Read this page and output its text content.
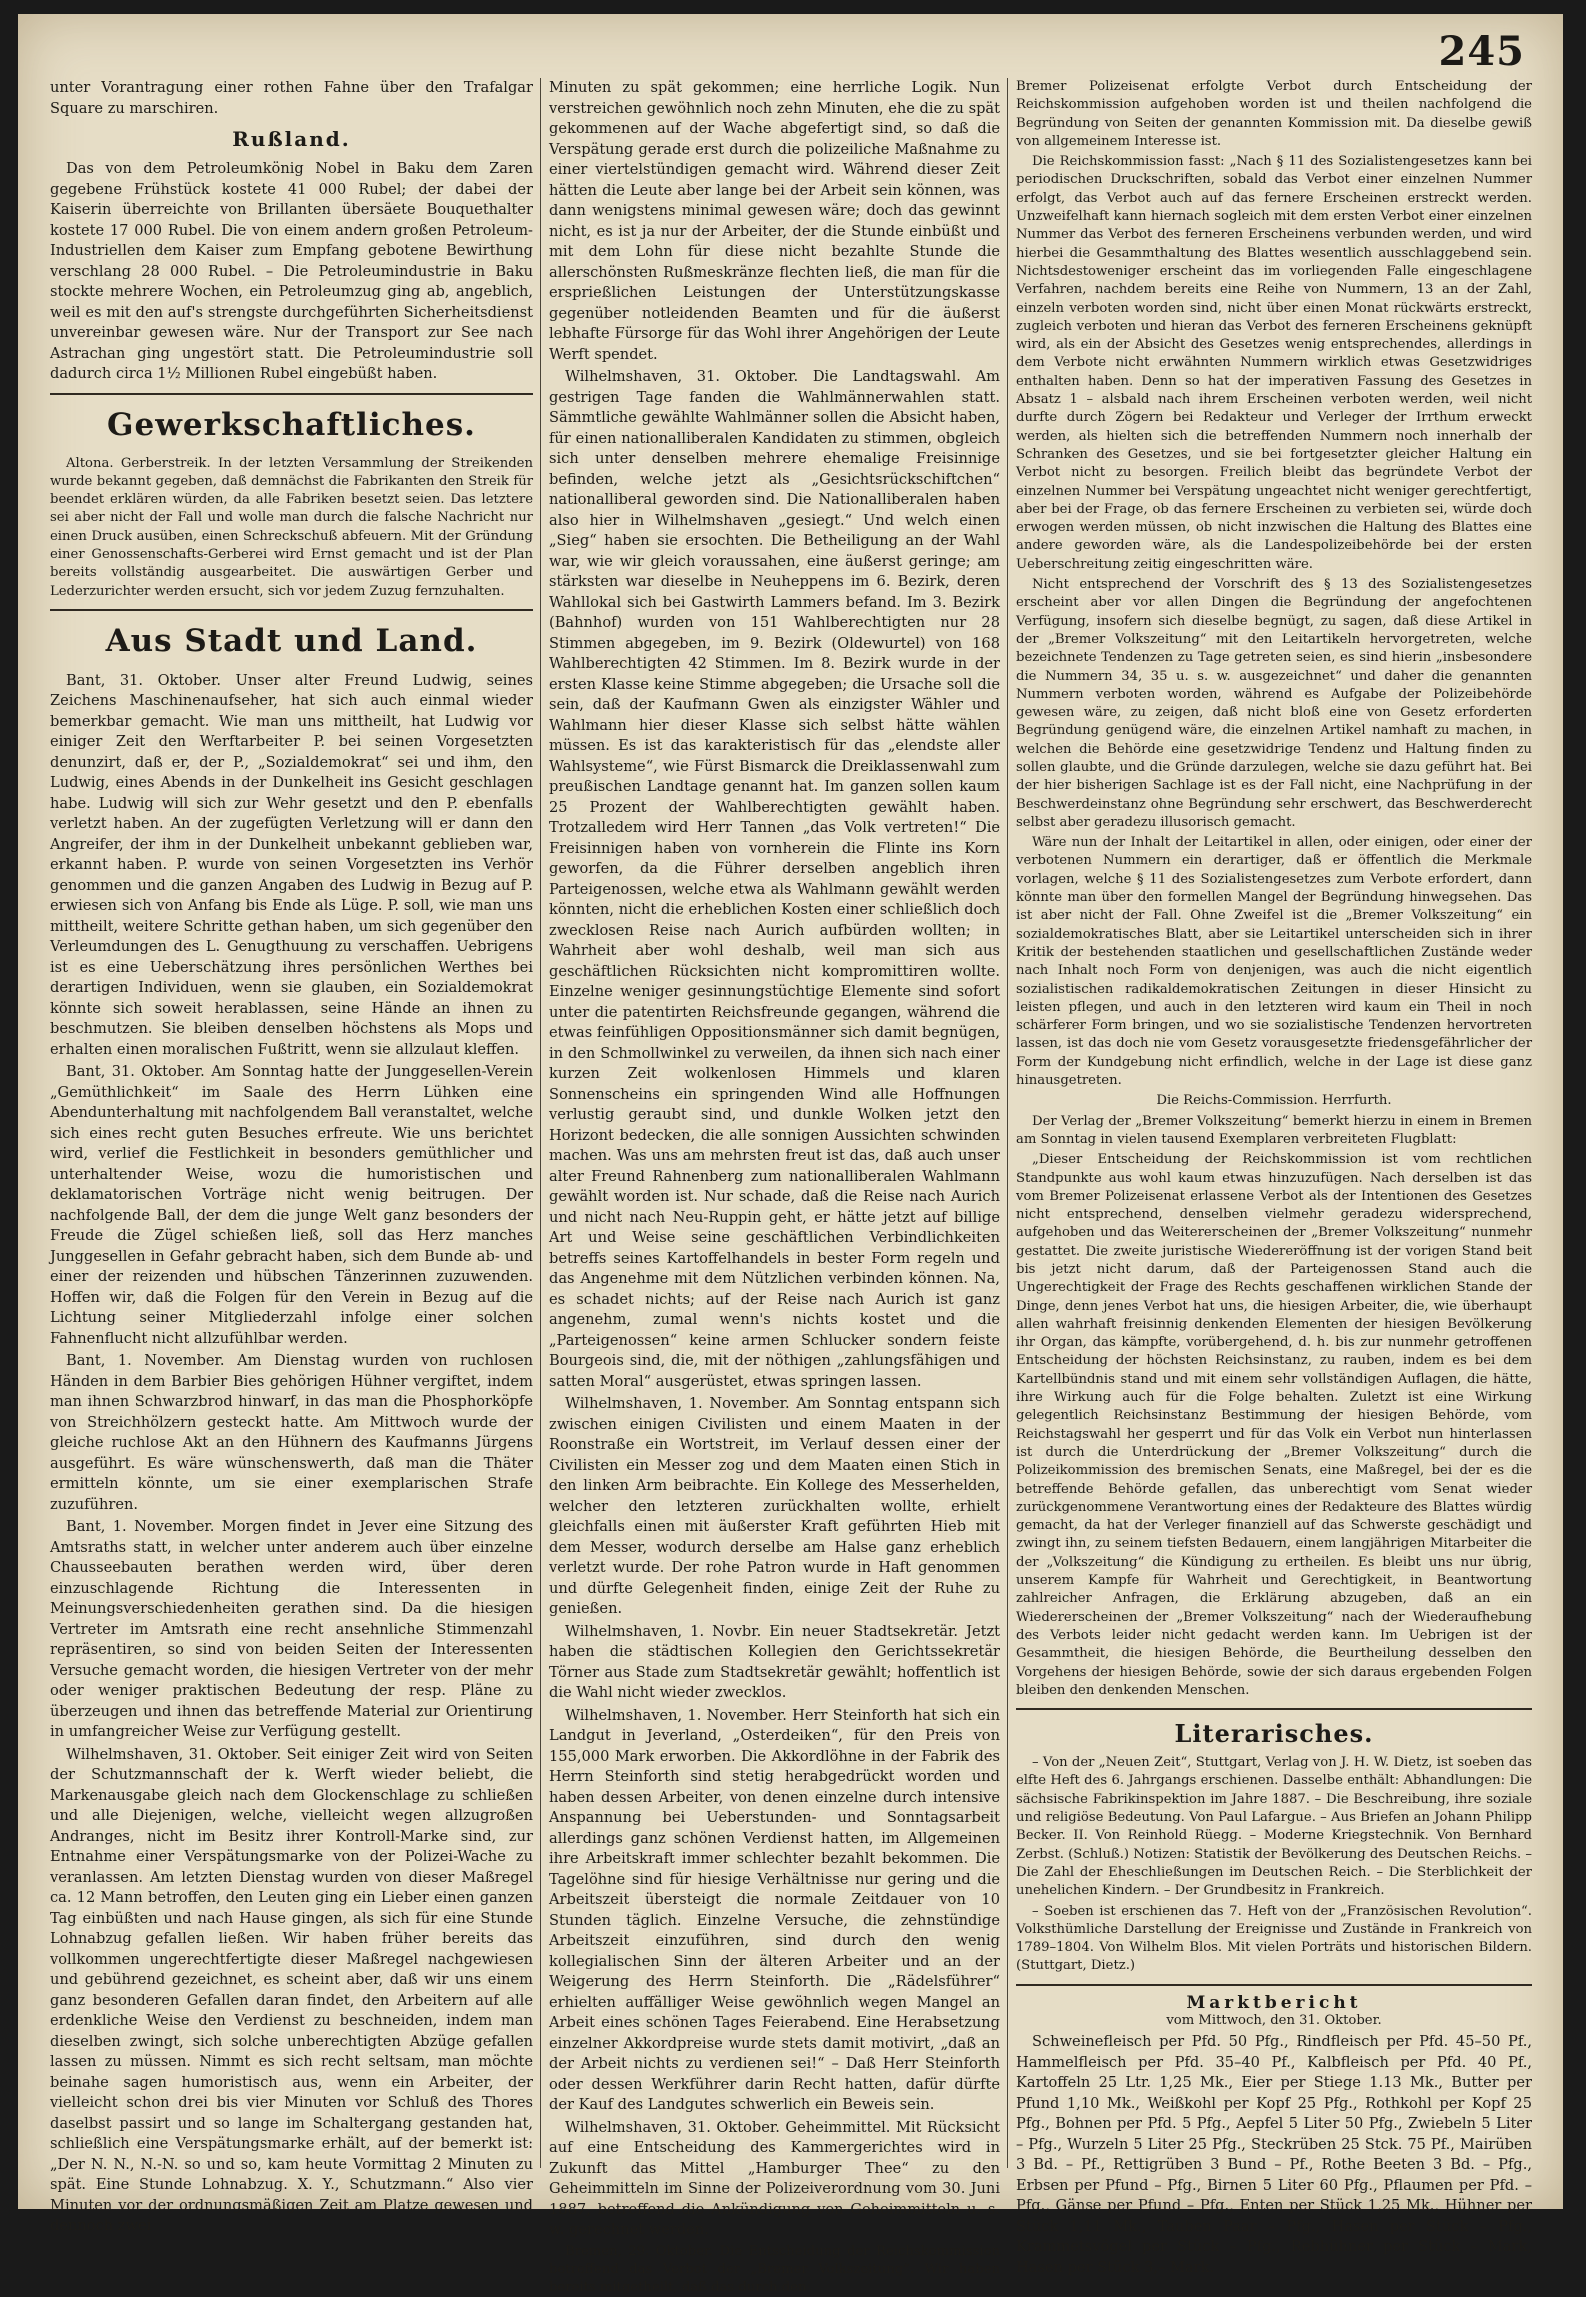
245

unter Vorantragung einer rothen Fahne über den Trafalgar Square zu marschiren.

Rußland.

Das von dem Petroleumkönig Nobel in Baku dem Zaren gegebene Frühstück kostete 41 000 Rubel; der dabei der Kaiserin überreichte von Brillanten übersäete Bouquethalter kostete 17 000 Rubel. Die von einem andern großen Petroleum-Industriellen dem Kaiser zum Empfang gebotene Bewirthung verschlang 28 000 Rubel. – Die Petroleumindustrie in Baku stockte mehrere Wochen, ein Petroleumzug ging ab, angeblich, weil es mit den auf's strengste durchgeführten Sicherheitsdienst unvereinbar gewesen wäre. Nur der Transport zur See nach Astrachan ging ungestört statt. Die Petroleumindustrie soll dadurch circa 1½ Millionen Rubel eingebüßt haben.

Gewerkschaftliches.

Altona. Gerberstreik. In der letzten Versammlung der Streikenden wurde bekannt gegeben, daß demnächst die Fabrikanten den Streik für beendet erklären würden, da alle Fabriken besetzt seien. Das letztere sei aber nicht der Fall und wolle man durch die falsche Nachricht nur einen Druck ausüben, einen Schreckschuß abfeuern. Mit der Gründung einer Genossenschafts-Gerberei wird Ernst gemacht und ist der Plan bereits vollständig ausgearbeitet. Die auswärtigen Gerber und Lederzurichter werden ersucht, sich vor jedem Zuzug fernzuhalten.

Aus Stadt und Land.

Bant, 31. Oktober. Unser alter Freund Ludwig, seines Zeichens Maschinenaufseher, hat sich auch einmal wieder bemerkbar gemacht. Wie man uns mittheilt, hat Ludwig vor einiger Zeit den Werftarbeiter P. bei seinen Vorgesetzten denunzirt, daß er, der P., „Sozialdemokrat“ sei und ihm, den Ludwig, eines Abends in der Dunkelheit ins Gesicht geschlagen habe. Ludwig will sich zur Wehr gesetzt und den P. ebenfalls verletzt haben. An der zugefügten Verletzung will er dann den Angreifer, der ihm in der Dunkelheit unbekannt geblieben war, erkannt haben. P. wurde von seinen Vorgesetzten ins Verhör genommen und die ganzen Angaben des Ludwig in Bezug auf P. erwiesen sich von Anfang bis Ende als Lüge. P. soll, wie man uns mittheilt, weitere Schritte gethan haben, um sich gegenüber den Verleumdungen des L. Genugthuung zu verschaffen. Uebrigens ist es eine Ueberschätzung ihres persönlichen Werthes bei derartigen Individuen, wenn sie glauben, ein Sozialdemokrat könnte sich soweit herablassen, seine Hände an ihnen zu beschmutzen. Sie bleiben denselben höchstens als Mops und erhalten einen moralischen Fußtritt, wenn sie allzulaut kleffen.

Bant, 31. Oktober. Am Sonntag hatte der Junggesellen-Verein „Gemüthlichkeit“ im Saale des Herrn Lühken eine Abendunterhaltung mit nachfolgendem Ball veranstaltet, welche sich eines recht guten Besuches erfreute. Wie uns berichtet wird, verlief die Festlichkeit in besonders gemüthlicher und unterhaltender Weise, wozu die humoristischen und deklamatorischen Vorträge nicht wenig beitrugen. Der nachfolgende Ball, der dem die junge Welt ganz besonders der Freude die Zügel schießen ließ, soll das Herz manches Junggesellen in Gefahr gebracht haben, sich dem Bunde ab- und einer der reizenden und hübschen Tänzerinnen zuzuwenden. Hoffen wir, daß die Folgen für den Verein in Bezug auf die Lichtung seiner Mitgliederzahl infolge einer solchen Fahnenflucht nicht allzufühlbar werden.

Bant, 1. November. Am Dienstag wurden von ruchlosen Händen in dem Barbier Bies gehörigen Hühner vergiftet, indem man ihnen Schwarzbrod hinwarf, in das man die Phosphorköpfe von Streichhölzern gesteckt hatte. Am Mittwoch wurde der gleiche ruchlose Akt an den Hühnern des Kaufmanns Jürgens ausgeführt. Es wäre wünschenswerth, daß man die Thäter ermitteln könnte, um sie einer exemplarischen Strafe zuzuführen.

Bant, 1. November. Morgen findet in Jever eine Sitzung des Amtsraths statt, in welcher unter anderem auch über einzelne Chausseebauten berathen werden wird, über deren einzuschlagende Richtung die Interessenten in Meinungsverschiedenheiten gerathen sind. Da die hiesigen Vertreter im Amtsrath eine recht ansehnliche Stimmenzahl repräsentiren, so sind von beiden Seiten der Interessenten Versuche gemacht worden, die hiesigen Vertreter von der mehr oder weniger praktischen Bedeutung der resp. Pläne zu überzeugen und ihnen das betreffende Material zur Orientirung in umfangreicher Weise zur Verfügung gestellt.

Wilhelmshaven, 31. Oktober. Seit einiger Zeit wird von Seiten der Schutzmannschaft der k. Werft wieder beliebt, die Markenausgabe gleich nach dem Glockenschlage zu schließen und alle Diejenigen, welche, vielleicht wegen allzugroßen Andranges, nicht im Besitz ihrer Kontroll-Marke sind, zur Entnahme einer Verspätungsmarke von der Polizei-Wache zu veranlassen. Am letzten Dienstag wurden von dieser Maßregel ca. 12 Mann betroffen, den Leuten ging ein Lieber einen ganzen Tag einbüßten und nach Hause gingen, als sich für eine Stunde Lohnabzug gefallen ließen. Wir haben früher bereits das vollkommen ungerechtfertigte dieser Maßregel nachgewiesen und gebührend gezeichnet, es scheint aber, daß wir uns einem ganz besonderen Gefallen daran findet, den Arbeitern auf alle erdenkliche Weise den Verdienst zu beschneiden, indem man dieselben zwingt, sich solche unberechtigten Abzüge gefallen lassen zu müssen. Nimmt es sich recht seltsam, man möchte beinahe sagen humoristisch aus, wenn ein Arbeiter, der vielleicht schon drei bis vier Minuten vor Schluß des Thores daselbst passirt und so lange im Schaltergang gestanden hat, schließlich eine Verspätungsmarke erhält, auf der bemerkt ist: „Der N. N., N.-N. so und so, kam heute Vormittag 2 Minuten zu spät. Eine Stunde Lohnabzug. X. Y., Schutzmann.“ Also vier Minuten vor der ordnungsmäßigen Zeit am Platze gewesen und dennoch zwei

Minuten zu spät gekommen; eine herrliche Logik. Nun verstreichen gewöhnlich noch zehn Minuten, ehe die zu spät gekommenen auf der Wache abgefertigt sind, so daß die Verspätung gerade erst durch die polizeiliche Maßnahme zu einer viertelstündigen gemacht wird. Während dieser Zeit hätten die Leute aber lange bei der Arbeit sein können, was dann wenigstens minimal gewesen wäre; doch das gewinnt nicht, es ist ja nur der Arbeiter, der die Stunde einbüßt und mit dem Lohn für diese nicht bezahlte Stunde die allerschönsten Rußmeskränze flechten ließ, die man für die ersprießlichen Leistungen der Unterstützungskasse gegenüber notleidenden Beamten und für die äußerst lebhafte Fürsorge für das Wohl ihrer Angehörigen der Leute Werft spendet.

Wilhelmshaven, 31. Oktober. Die Landtagswahl. Am gestrigen Tage fanden die Wahlmännerwahlen statt. Sämmtliche gewählte Wahlmänner sollen die Absicht haben, für einen nationalliberalen Kandidaten zu stimmen, obgleich sich unter denselben mehrere ehemalige Freisinnige befinden, welche jetzt als „Gesichtsrückschiftchen“ nationalliberal geworden sind. Die Nationalliberalen haben also hier in Wilhelmshaven „gesiegt.“ Und welch einen „Sieg“ haben sie ersochten. Die Betheiligung an der Wahl war, wie wir gleich voraussahen, eine äußerst geringe; am stärksten war dieselbe in Neuheppens im 6. Bezirk, deren Wahllokal sich bei Gastwirth Lammers befand. Im 3. Bezirk (Bahnhof) wurden von 151 Wahlberechtigten nur 28 Stimmen abgegeben, im 9. Bezirk (Oldewurtel) von 168 Wahlberechtigten 42 Stimmen. Im 8. Bezirk wurde in der ersten Klasse keine Stimme abgegeben; die Ursache soll die sein, daß der Kaufmann Gwen als einzigster Wähler und Wahlmann hier dieser Klasse sich selbst hätte wählen müssen. Es ist das karakteristisch für das „elendste aller Wahlsysteme“, wie Fürst Bismarck die Dreiklassenwahl zum preußischen Landtage genannt hat. Im ganzen sollen kaum 25 Prozent der Wahlberechtigten gewählt haben. Trotzalledem wird Herr Tannen „das Volk vertreten!“ Die Freisinnigen haben von vornherein die Flinte ins Korn geworfen, da die Führer derselben angeblich ihren Parteigenossen, welche etwa als Wahlmann gewählt werden könnten, nicht die erheblichen Kosten einer schließlich doch zwecklosen Reise nach Aurich aufbürden wollten; in Wahrheit aber wohl deshalb, weil man sich aus geschäftlichen Rücksichten nicht kompromittiren wollte. Einzelne weniger gesinnungstüchtige Elemente sind sofort unter die patentirten Reichsfreunde gegangen, während die etwas feinfühligen Oppositionsmänner sich damit begnügen, in den Schmollwinkel zu verweilen, da ihnen sich nach einer kurzen Zeit wolkenlosen Himmels und klaren Sonnenscheins ein springenden Wind alle Hoffnungen verlustig geraubt sind, und dunkle Wolken jetzt den Horizont bedecken, die alle sonnigen Aussichten schwinden machen. Was uns am mehrsten freut ist das, daß auch unser alter Freund Rahnenberg zum nationalliberalen Wahlmann gewählt worden ist. Nur schade, daß die Reise nach Aurich und nicht nach Neu-Ruppin geht, er hätte jetzt auf billige Art und Weise seine geschäftlichen Verbindlichkeiten betreffs seines Kartoffelhandels in bester Form regeln und das Angenehme mit dem Nützlichen verbinden können. Na, es schadet nichts; auf der Reise nach Aurich ist ganz angenehm, zumal wenn's nichts kostet und die „Parteigenossen“ keine armen Schlucker sondern feiste Bourgeois sind, die, mit der nöthigen „zahlungsfähigen und satten Moral“ ausgerüstet, etwas springen lassen.

Wilhelmshaven, 1. November. Am Sonntag entspann sich zwischen einigen Civilisten und einem Maaten in der Roonstraße ein Wortstreit, im Verlauf dessen einer der Civilisten ein Messer zog und dem Maaten einen Stich in den linken Arm beibrachte. Ein Kollege des Messerhelden, welcher den letzteren zurückhalten wollte, erhielt gleichfalls einen mit äußerster Kraft geführten Hieb mit dem Messer, wodurch derselbe am Halse ganz erheblich verletzt wurde. Der rohe Patron wurde in Haft genommen und dürfte Gelegenheit finden, einige Zeit der Ruhe zu genießen.

Wilhelmshaven, 1. Novbr. Ein neuer Stadtsekretär. Jetzt haben die städtischen Kollegien den Gerichtssekretär Törner aus Stade zum Stadtsekretär gewählt; hoffentlich ist die Wahl nicht wieder zwecklos.

Wilhelmshaven, 1. November. Herr Steinforth hat sich ein Landgut in Jeverland, „Osterdeiken“, für den Preis von 155,000 Mark erworben. Die Akkordlöhne in der Fabrik des Herrn Steinforth sind stetig herabgedrückt worden und haben dessen Arbeiter, von denen einzelne durch intensive Anspannung bei Ueberstunden- und Sonntagsarbeit allerdings ganz schönen Verdienst hatten, im Allgemeinen ihre Arbeitskraft immer schlechter bezahlt bekommen. Die Tagelöhne sind für hiesige Verhältnisse nur gering und die Arbeitszeit übersteigt die normale Zeitdauer von 10 Stunden täglich. Einzelne Versuche, die zehnstündige Arbeitszeit einzuführen, sind durch den wenig kollegialischen Sinn der älteren Arbeiter und an der Weigerung des Herrn Steinforth. Die „Rädelsführer“ erhielten auffälliger Weise gewöhnlich wegen Mangel an Arbeit eines schönen Tages Feierabend. Eine Herabsetzung einzelner Akkordpreise wurde stets damit motivirt, „daß an der Arbeit nichts zu verdienen sei!“ – Daß Herr Steinforth oder dessen Werkführer darin Recht hatten, dafür dürfte der Kauf des Landgutes schwerlich ein Beweis sein.

Wilhelmshaven, 31. Oktober. Geheimmittel. Mit Rücksicht auf eine Entscheidung des Kammergerichtes wird in Zukunft das Mittel „Hamburger Thee“ zu den Geheimmitteln im Sinne der Polizeiverordnung vom 30. Juni 1887, betreffend die Ankündigung von Geheimmitteln u. s. w. gerechnet werden.

Bremen, 29. Oktober. Die Entscheidung der Reichskommission betreffend das Verbot der „Bremer Volkszeitung“. Wir haben bereits mitgetheilt, daß das durch den

Bremer Polizeisenat erfolgte Verbot durch Entscheidung der Reichskommission aufgehoben worden ist und theilen nachfolgend die Begründung von Seiten der genannten Kommission mit. Da dieselbe gewiß von allgemeinem Interesse ist.

Die Reichskommission fasst: „Nach § 11 des Sozialistengesetzes kann bei periodischen Druckschriften, sobald das Verbot einer einzelnen Nummer erfolgt, das Verbot auch auf das fernere Erscheinen erstreckt werden. Unzweifelhaft kann hiernach sogleich mit dem ersten Verbot einer einzelnen Nummer das Verbot des ferneren Erscheinens verbunden werden, und wird hierbei die Gesammthaltung des Blattes wesentlich ausschlaggebend sein. Nichtsdestoweniger erscheint das im vorliegenden Falle eingeschlagene Verfahren, nachdem bereits eine Reihe von Nummern, 13 an der Zahl, einzeln verboten worden sind, nicht über einen Monat rückwärts erstreckt, zugleich verboten und hieran das Verbot des ferneren Erscheinens geknüpft wird, als ein der Absicht des Gesetzes wenig entsprechendes, allerdings in dem Verbote nicht erwähnten Nummern wirklich etwas Gesetzwidriges enthalten haben. Denn so hat der imperativen Fassung des Gesetzes in Absatz 1 – alsbald nach ihrem Erscheinen verboten werden, weil nicht durfte durch Zögern bei Redakteur und Verleger der Irrthum erweckt werden, als hielten sich die betreffenden Nummern noch innerhalb der Schranken des Gesetzes, und sie bei fortgesetzter gleicher Haltung ein Verbot nicht zu besorgen. Freilich bleibt das begründete Verbot der einzelnen Nummer bei Verspätung ungeachtet nicht weniger gerechtfertigt, aber bei der Frage, ob das fernere Erscheinen zu verbieten sei, würde doch erwogen werden müssen, ob nicht inzwischen die Haltung des Blattes eine andere geworden wäre, als die Landespolizeibehörde bei der ersten Ueberschreitung zeitig eingeschritten wäre.

Nicht entsprechend der Vorschrift des § 13 des Sozialistengesetzes erscheint aber vor allen Dingen die Begründung der angefochtenen Verfügung, insofern sich dieselbe begnügt, zu sagen, daß diese Artikel in der „Bremer Volkszeitung“ mit den Leitartikeln hervorgetreten, welche bezeichnete Tendenzen zu Tage getreten seien, es sind hierin „insbesondere die Nummern 34, 35 u. s. w. ausgezeichnet“ und daher die genannten Nummern verboten worden, während es Aufgabe der Polizeibehörde gewesen wäre, zu zeigen, daß nicht bloß eine von Gesetz erforderten Begründung genügend wäre, die einzelnen Artikel namhaft zu machen, in welchen die Behörde eine gesetzwidrige Tendenz und Haltung finden zu sollen glaubte, und die Gründe darzulegen, welche sie dazu geführt hat. Bei der hier bisherigen Sachlage ist es der Fall nicht, eine Nachprüfung in der Beschwerdeinstanz ohne Begründung sehr erschwert, das Beschwerderecht selbst aber geradezu illusorisch gemacht.

Wäre nun der Inhalt der Leitartikel in allen, oder einigen, oder einer der verbotenen Nummern ein derartiger, daß er öffentlich die Merkmale vorlagen, welche § 11 des Sozialistengesetzes zum Verbote erfordert, dann könnte man über den formellen Mangel der Begründung hinwegsehen. Das ist aber nicht der Fall. Ohne Zweifel ist die „Bremer Volkszeitung“ ein sozialdemokratisches Blatt, aber sie Leitartikel unterscheiden sich in ihrer Kritik der bestehenden staatlichen und gesellschaftlichen Zustände weder nach Inhalt noch Form von denjenigen, was auch die nicht eigentlich sozialistischen radikaldemokratischen Zeitungen in dieser Hinsicht zu leisten pflegen, und auch in den letzteren wird kaum ein Theil in noch schärferer Form bringen, und wo sie sozialistische Tendenzen hervortreten lassen, ist das doch nie vom Gesetz vorausgesetzte friedensgefährlicher der Form der Kundgebung nicht erfindlich, welche in der Lage ist diese ganz hinausgetreten.

Die Reichs-Commission. Herrfurth.

Der Verlag der „Bremer Volkszeitung“ bemerkt hierzu in einem in Bremen am Sonntag in vielen tausend Exemplaren verbreiteten Flugblatt:

„Dieser Entscheidung der Reichskommission ist vom rechtlichen Standpunkte aus wohl kaum etwas hinzuzufügen. Nach derselben ist das vom Bremer Polizeisenat erlassene Verbot als der Intentionen des Gesetzes nicht entsprechend, denselben vielmehr geradezu widersprechend, aufgehoben und das Weitererscheinen der „Bremer Volkszeitung“ nunmehr gestattet. Die zweite juristische Wiedereröffnung ist der vorigen Stand beit bis jetzt nicht darum, daß der Parteigenossen Stand auch die Ungerechtigkeit der Frage des Rechts geschaffenen wirklichen Stande der Dinge, denn jenes Verbot hat uns, die hiesigen Arbeiter, die, wie überhaupt allen wahrhaft freisinnig denkenden Elementen der hiesigen Bevölkerung ihr Organ, das kämpfte, vorübergehend, d. h. bis zur nunmehr getroffenen Entscheidung der höchsten Reichsinstanz, zu rauben, indem es bei dem Kartellbündnis stand und mit einem sehr vollständigen Auflagen, die hätte, ihre Wirkung auch für die Folge behalten. Zuletzt ist eine Wirkung gelegentlich Reichsinstanz Bestimmung der hiesigen Behörde, vom Reichstagswahl her gesperrt und für das Volk ein Verbot nun hinterlassen ist durch die Unterdrückung der „Bremer Volkszeitung“ durch die Polizeikommission des bremischen Senats, eine Maßregel, bei der es die betreffende Behörde gefallen, das unberechtigt vom Senat wieder zurückgenommene Verantwortung eines der Redakteure des Blattes würdig gemacht, da hat der Verleger finanziell auf das Schwerste geschädigt und zwingt ihn, zu seinem tiefsten Bedauern, einem langjährigen Mitarbeiter die der „Volkszeitung“ die Kündigung zu ertheilen. Es bleibt uns nur übrig, unserem Kampfe für Wahrheit und Gerechtigkeit, in Beantwortung zahlreicher Anfragen, die Erklärung abzugeben, daß an ein Wiedererscheinen der „Bremer Volkszeitung“ nach der Wiederaufhebung des Verbots leider nicht gedacht werden kann. Im Uebrigen ist der Gesammtheit, die hiesigen Behörde, die Beurtheilung desselben den Vorgehens der hiesigen Behörde, sowie der sich daraus ergebenden Folgen bleiben den denkenden Menschen.

Literarisches.

– Von der „Neuen Zeit“, Stuttgart, Verlag von J. H. W. Dietz, ist soeben das elfte Heft des 6. Jahrgangs erschienen. Dasselbe enthält: Abhandlungen: Die sächsische Fabrikinspektion im Jahre 1887. – Die Beschreibung, ihre soziale und religiöse Bedeutung. Von Paul Lafargue. – Aus Briefen an Johann Philipp Becker. II. Von Reinhold Rüegg. – Moderne Kriegstechnik. Von Bernhard Zerbst. (Schluß.) Notizen: Statistik der Bevölkerung des Deutschen Reichs. – Die Zahl der Eheschließungen im Deutschen Reich. – Die Sterblichkeit der unehelichen Kindern. – Der Grundbesitz in Frankreich.

– Soeben ist erschienen das 7. Heft von der „Französischen Revolution“. Volksthümliche Darstellung der Ereignisse und Zustände in Frankreich von 1789–1804. Von Wilhelm Blos. Mit vielen Porträts und historischen Bildern. (Stuttgart, Dietz.)

Marktbericht

vom Mittwoch, den 31. Oktober.

Schweinefleisch per Pfd. 50 Pfg., Rindfleisch per Pfd. 45–50 Pf., Hammelfleisch per Pfd. 35–40 Pf., Kalbfleisch per Pfd. 40 Pf., Kartoffeln 25 Ltr. 1,25 Mk., Eier per Stiege 1.13 Mk., Butter per Pfund 1,10 Mk., Weißkohl per Kopf 25 Pfg., Rothkohl per Kopf 25 Pfg., Bohnen per Pfd. 5 Pfg., Aepfel 5 Liter 50 Pfg., Zwiebeln 5 Liter – Pfg., Wurzeln 5 Liter 25 Pfg., Steckrüben 25 Stck. 75 Pf., Mairüben 3 Bd. – Pf., Rettigrüben 3 Bund – Pf., Rothe Beeten 3 Bd. – Pfg., Erbsen per Pfund – Pfg., Birnen 5 Liter 60 Pfg., Pflaumen per Pfd. – Pfg., Gänse per Pfund – Pfg., Enten per Stück 1,25 Mk., Hühner per Stück 1,11 Mk., Tauben Paar – Pfg., Hasen per Stück – Pfg., Krammetsvögel per Stück – Pfg., Rebhühner per Stück – Mark, Hasen per Stück 3,– Mark.
